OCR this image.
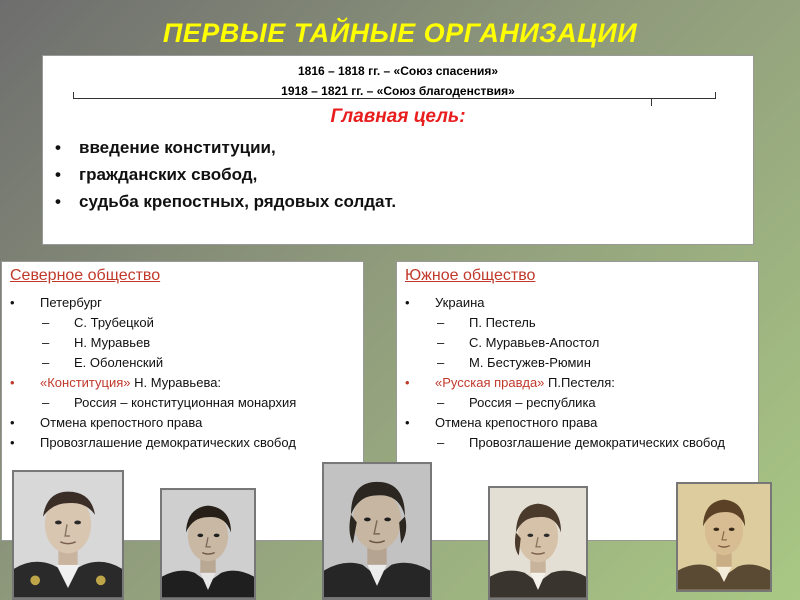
ПЕРВЫЕ ТАЙНЫЕ ОРГАНИЗАЦИИ
1816 – 1818 гг. – «Союз спасения»
1918 – 1821 гг. – «Союз благоденствия»
Главная цель:
• введение конституции,
• гражданских свобод,
• судьба крепостных, рядовых солдат.
Северное общество
• Петербург
– С. Трубецкой
– Н. Муравьев
– Е. Оболенский
• «Конституция» Н. Муравьева:
– Россия – конституционная монархия
• Отмена крепостного права
• Провозглашение демократических свобод
Южное общество
• Украина
– П. Пестель
– С. Муравьев-Апостол
– М. Бестужев-Рюмин
• «Русская правда» П.Пестеля:
– Россия – республика
• Отмена крепостного права
– Провозглашение демократических свобод
